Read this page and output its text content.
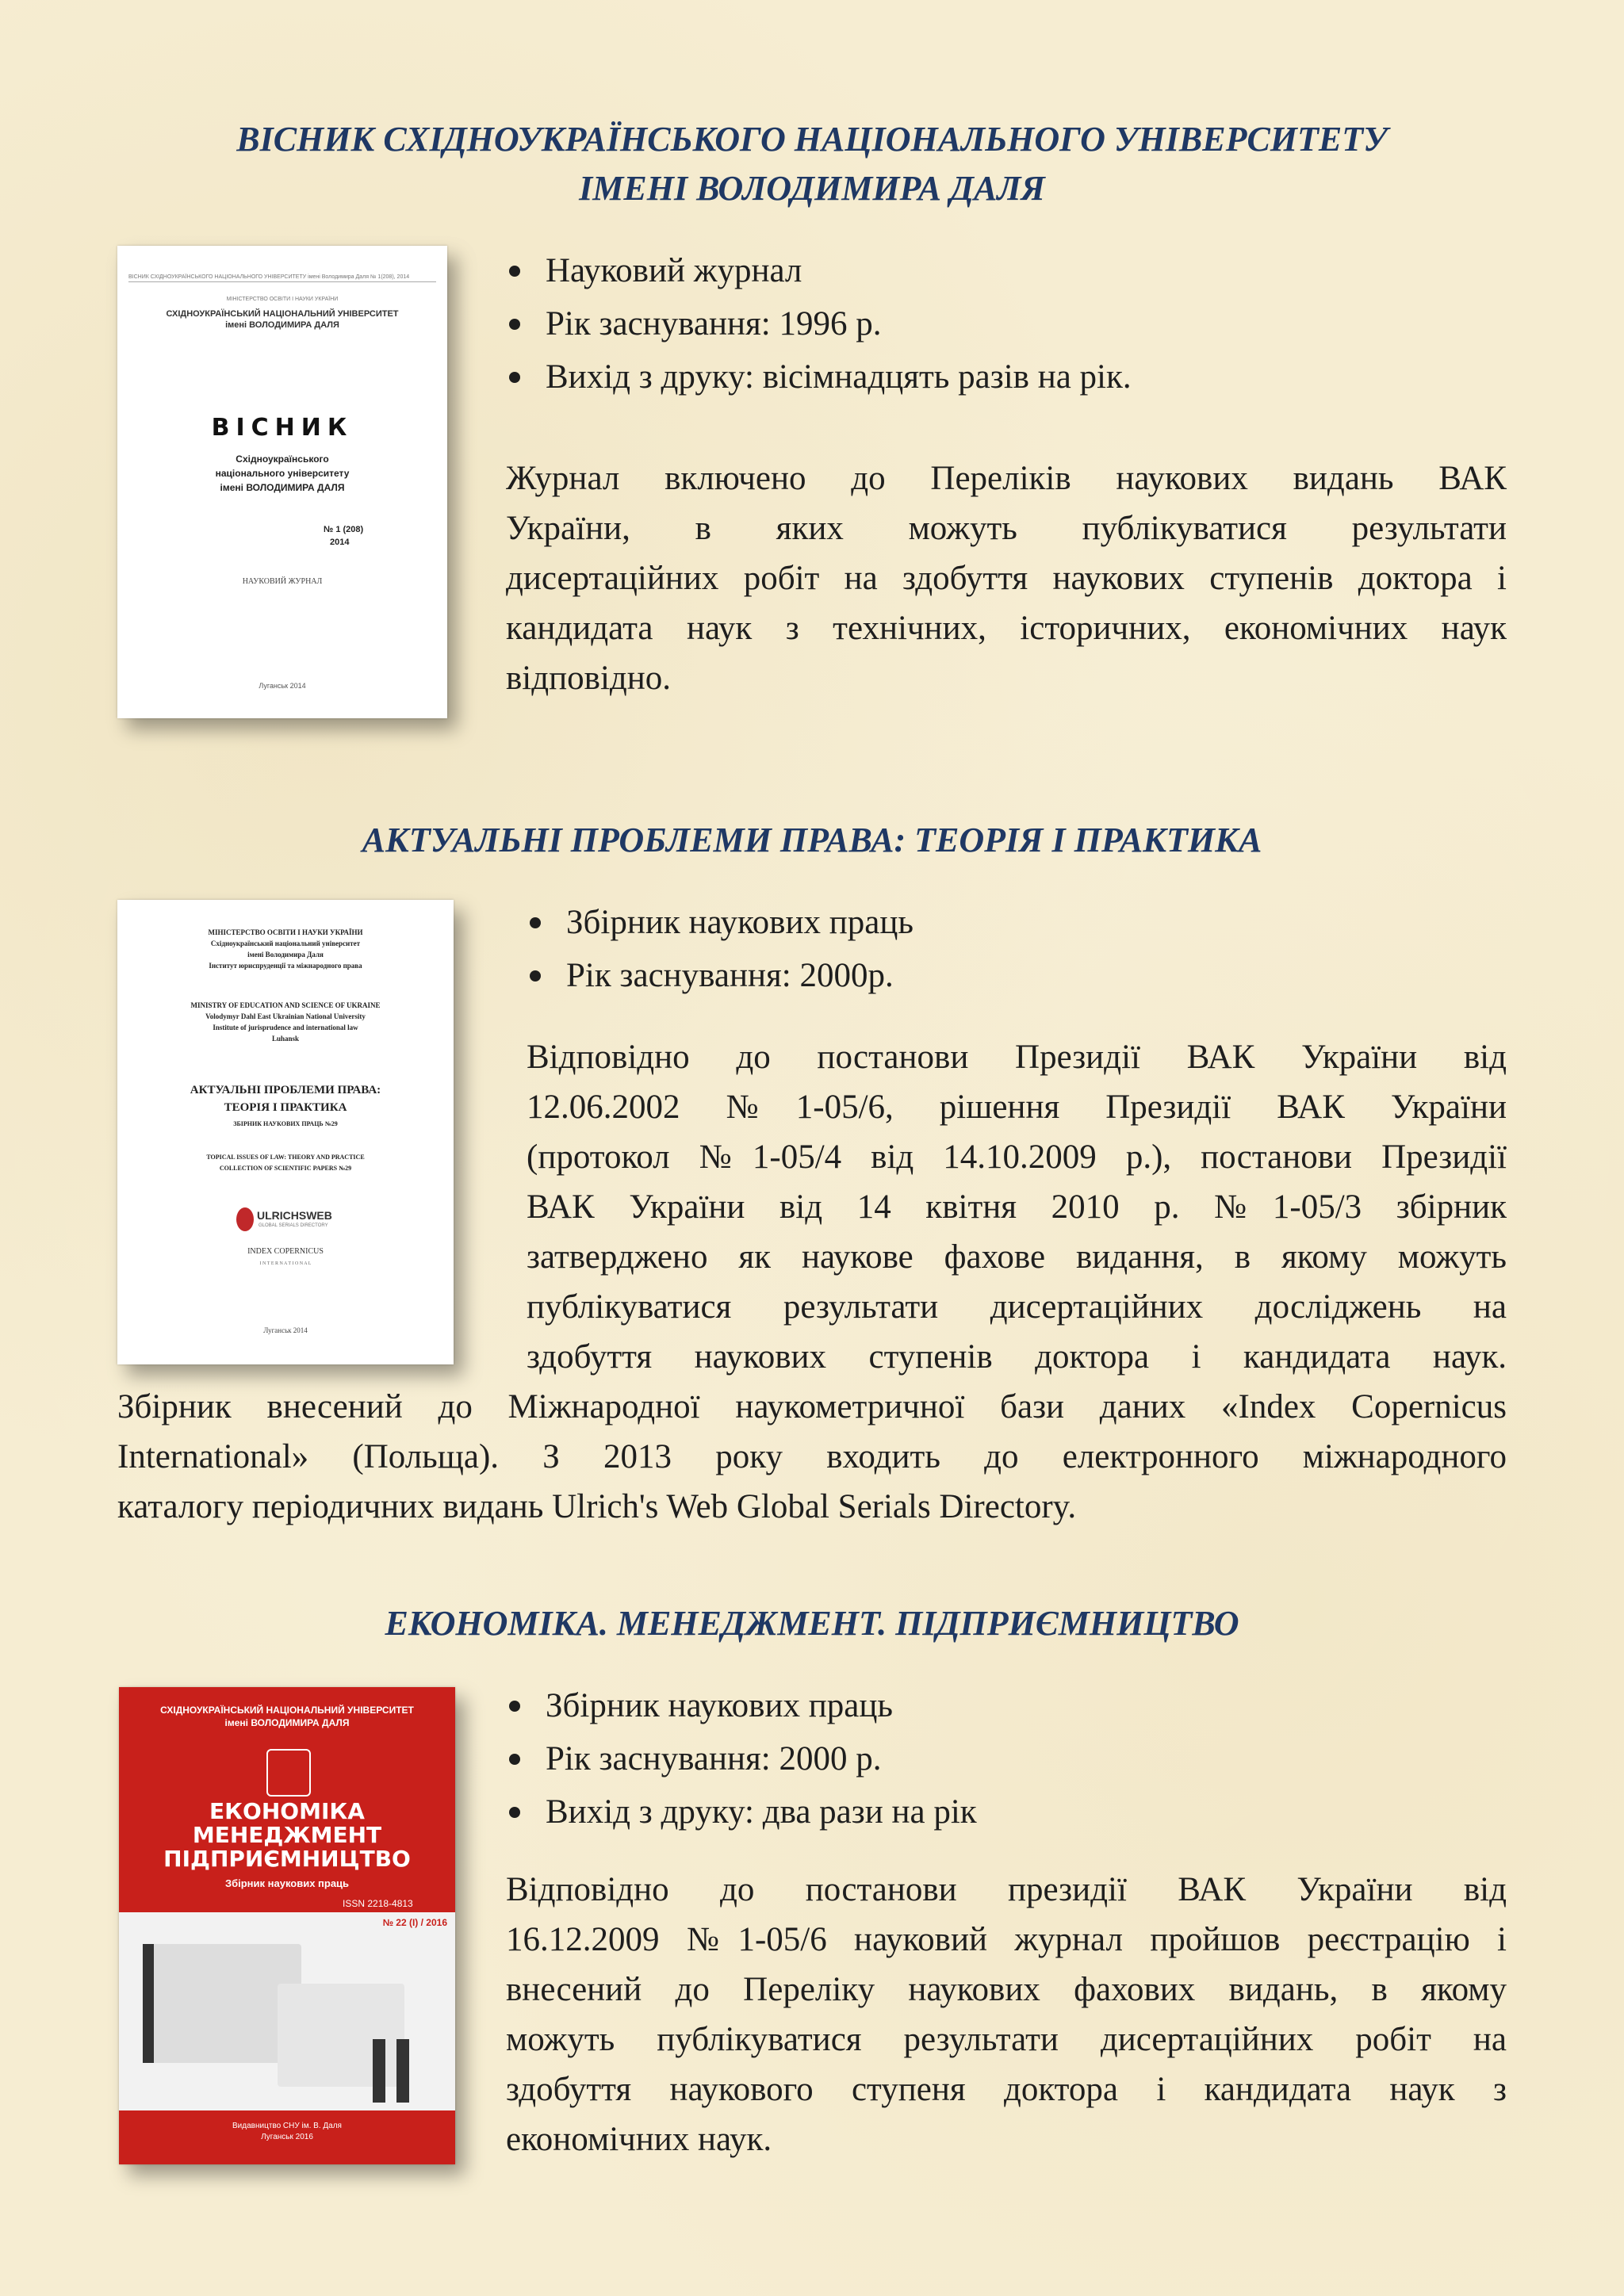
ВІСНИК СХІДНОУКРАЇНСЬКОГО НАЦІОНАЛЬНОГО УНІВЕРСИТЕТУ
ІМЕНІ ВОЛОДИМИРА ДАЛЯ
ВІСНИК СХІДНОУКРАЇНСЬКОГО НАЦІОНАЛЬНОГО УНІВЕРСИТЕТУ імені Володимира Даля № 1(208), 2014
МІНІСТЕРСТВО ОСВІТИ І НАУКИ УКРАЇНИ
СХІДНОУКРАЇНСЬКИЙ НАЦІОНАЛЬНИЙ УНІВЕРСИТЕТ
імені ВОЛОДИМИРА ДАЛЯ
ВІСНИК
Східноукраїнського
національного університету
імені ВОЛОДИМИРА ДАЛЯ
№ 1 (208)
2014
НАУКОВИЙ ЖУРНАЛ
Луганськ 2014
Науковий журнал
Рік заснування: 1996 р.
Вихід з друку: вісімнадцять разів на рік.
Журнал включено до Переліків наукових видань ВАК
України, в яких можуть публікуватися результати
дисертаційних робіт на здобуття наукових ступенів доктора і
кандидата наук з технічних, історичних, економічних наук
відповідно.
АКТУАЛЬНІ ПРОБЛЕМИ ПРАВА: ТЕОРІЯ І ПРАКТИКА
МІНІСТЕРСТВО ОСВІТИ І НАУКИ УКРАЇНИ
Східноукраїнський національний університет
імені Володимира Даля
Інститут юриспруденції та міжнародного права
MINISTRY OF EDUCATION AND SCIENCE OF UKRAINE
Volodymyr Dahl East Ukrainian National University
Institute of jurisprudence and international law
Luhansk
АКТУАЛЬНІ ПРОБЛЕМИ ПРАВА:
ТЕОРІЯ І ПРАКТИКА
ЗБІРНИК НАУКОВИХ ПРАЦЬ №29
TOPICAL ISSUES OF LAW: THEORY AND PRACTICE
COLLECTION OF SCIENTIFIC PAPERS №29
ULRICHSWEB
GLOBAL SERIALS DIRECTORY
INDEX COPERNICUS
I N T E R N A T I O N A L
Луганськ 2014
Збірник наукових праць
Рік заснування: 2000р.
Відповідно до постанови Президії ВАК України від
12.06.2002 №1-05/6, рішення Президії ВАК України
(протокол №1-05/4 від 14.10.2009 р.), постанови Президії
ВАК України від 14 квітня 2010 р. №1-05/3 збірник
затверджено як наукове фахове видання, в якому можуть
публікуватися результати дисертаційних досліджень на
здобуття наукових ступенів доктора і кандидата наук.
Збірник внесений до Міжнародної наукометричної бази даних «Index Copernicus
International» (Польща). З 2013 року входить до електронного міжнародного
каталогу періодичних видань Ulrich's Web Global Serials Directory.
ЕКОНОМІКА. МЕНЕДЖМЕНТ. ПІДПРИЄМНИЦТВО
СХІДНОУКРАЇНСЬКИЙ НАЦІОНАЛЬНИЙ УНІВЕРСИТЕТ
імені ВОЛОДИМИРА ДАЛЯ
ЕКОНОМІКА
МЕНЕДЖМЕНТ
ПІДПРИЄМНИЦТВО
Збірник наукових праць
ISSN 2218-4813
№ 22 (I) / 2016
Видавництво СНУ ім. В. Даля
Луганськ 2016
Збірник наукових праць
Рік заснування: 2000 р.
Вихід з друку: два рази на рік
Відповідно до постанови президії ВАК України від
16.12.2009 №1-05/6 науковий журнал пройшов реєстрацію і
внесений до Переліку наукових фахових видань, в якому
можуть публікуватися результати дисертаційних робіт на
здобуття наукового ступеня доктора і кандидата наук з
економічних наук.
